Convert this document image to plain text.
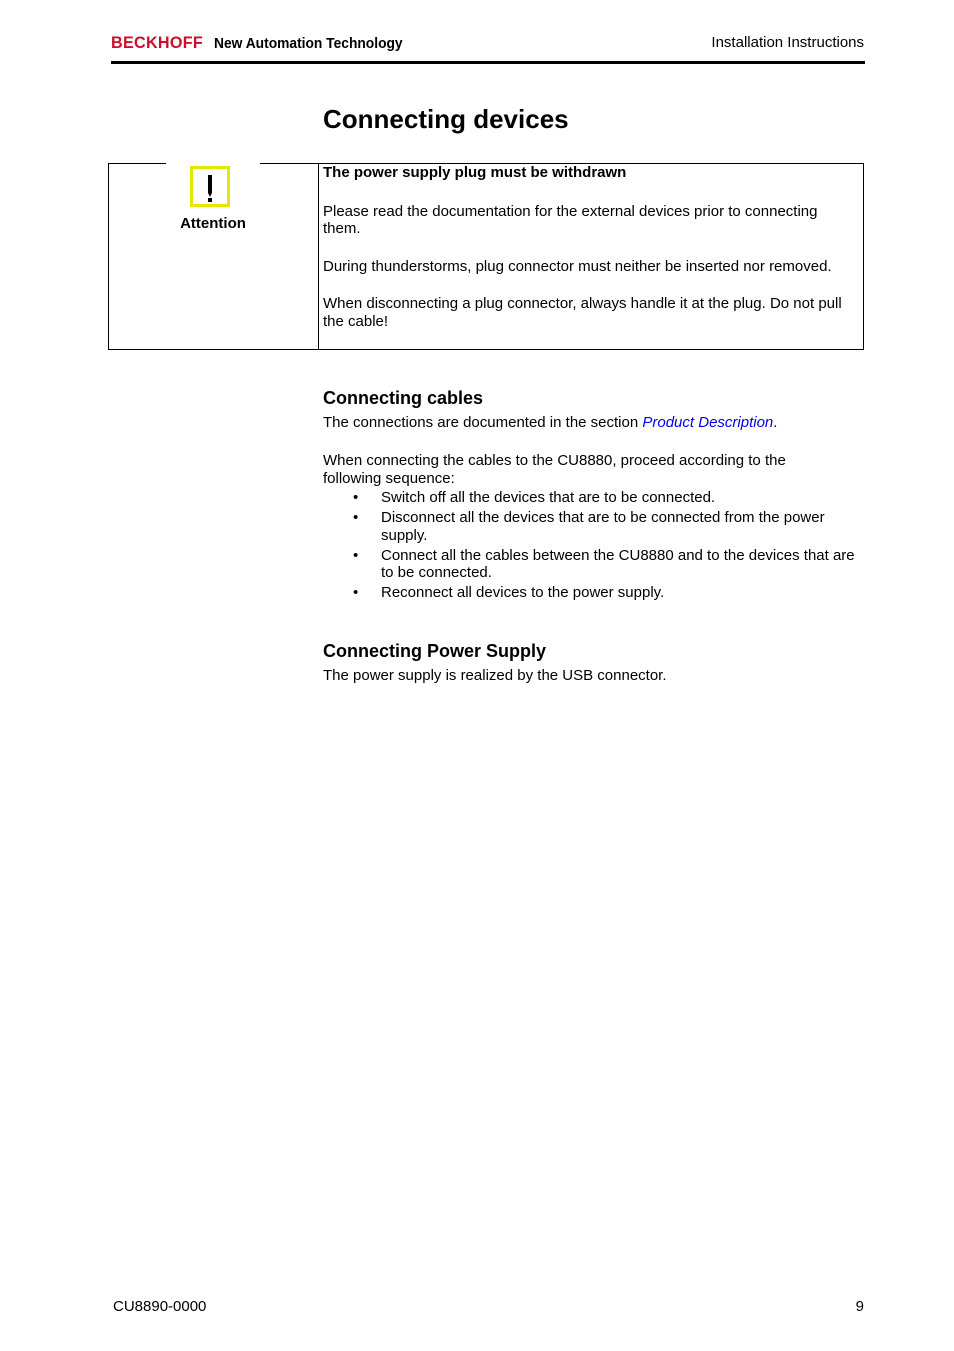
BECKHOFF New Automation Technology	Installation Instructions
Connecting devices
Attention

The power supply plug must be withdrawn

Please read the documentation for the external devices prior to connecting them.

During thunderstorms, plug connector must neither be inserted nor removed.

When disconnecting a plug connector, always handle it at the plug. Do not pull the cable!

Connecting cables
The connections are documented in the section Product Description.
When connecting the cables to the CU8880, proceed according to the following sequence:
• Switch off all the devices that are to be connected.
• Disconnect all the devices that are to be connected from the power supply.
• Connect all the cables between the CU8880 and to the devices that are to be connected.
• Reconnect all devices to the power supply.
Connecting Power Supply
The power supply is realized by the USB connector.
CU8890-0000	9
